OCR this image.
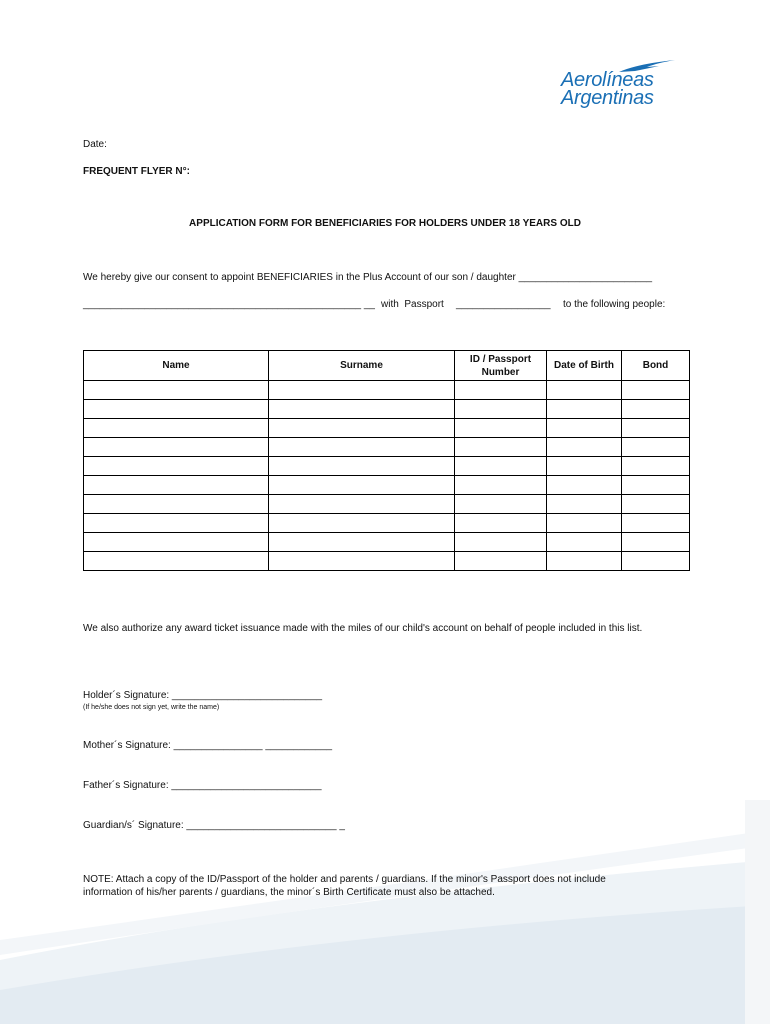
Aerolíneas
Argentinas
Date:
FREQUENT FLYER N°:
APPLICATION FORM FOR BENEFICIARIES FOR HOLDERS UNDER 18 YEARS OLD
We hereby give our consent to appoint BENEFICIARIES in the Plus Account of our son / daughter ________________________
__________________________________________________ __ with  Passport _________________ to the following people:
Name	Surname	ID / Passport Number	Date of Birth	Bond

We also authorize any award ticket issuance made with the miles of our child's account on behalf of people included in this list.
Holder´s Signature: ___________________________
(If he/she does not sign yet, write the name)
Mother´s Signature: ________________ ____________
Father´s Signature: ___________________________
Guardian/s´ Signature: ___________________________ _
NOTE: Attach a copy of the ID/Passport of the holder and parents / guardians. If the minor's Passport does not include
information of his/her parents / guardians, the minor´s Birth Certificate must also be attached.
